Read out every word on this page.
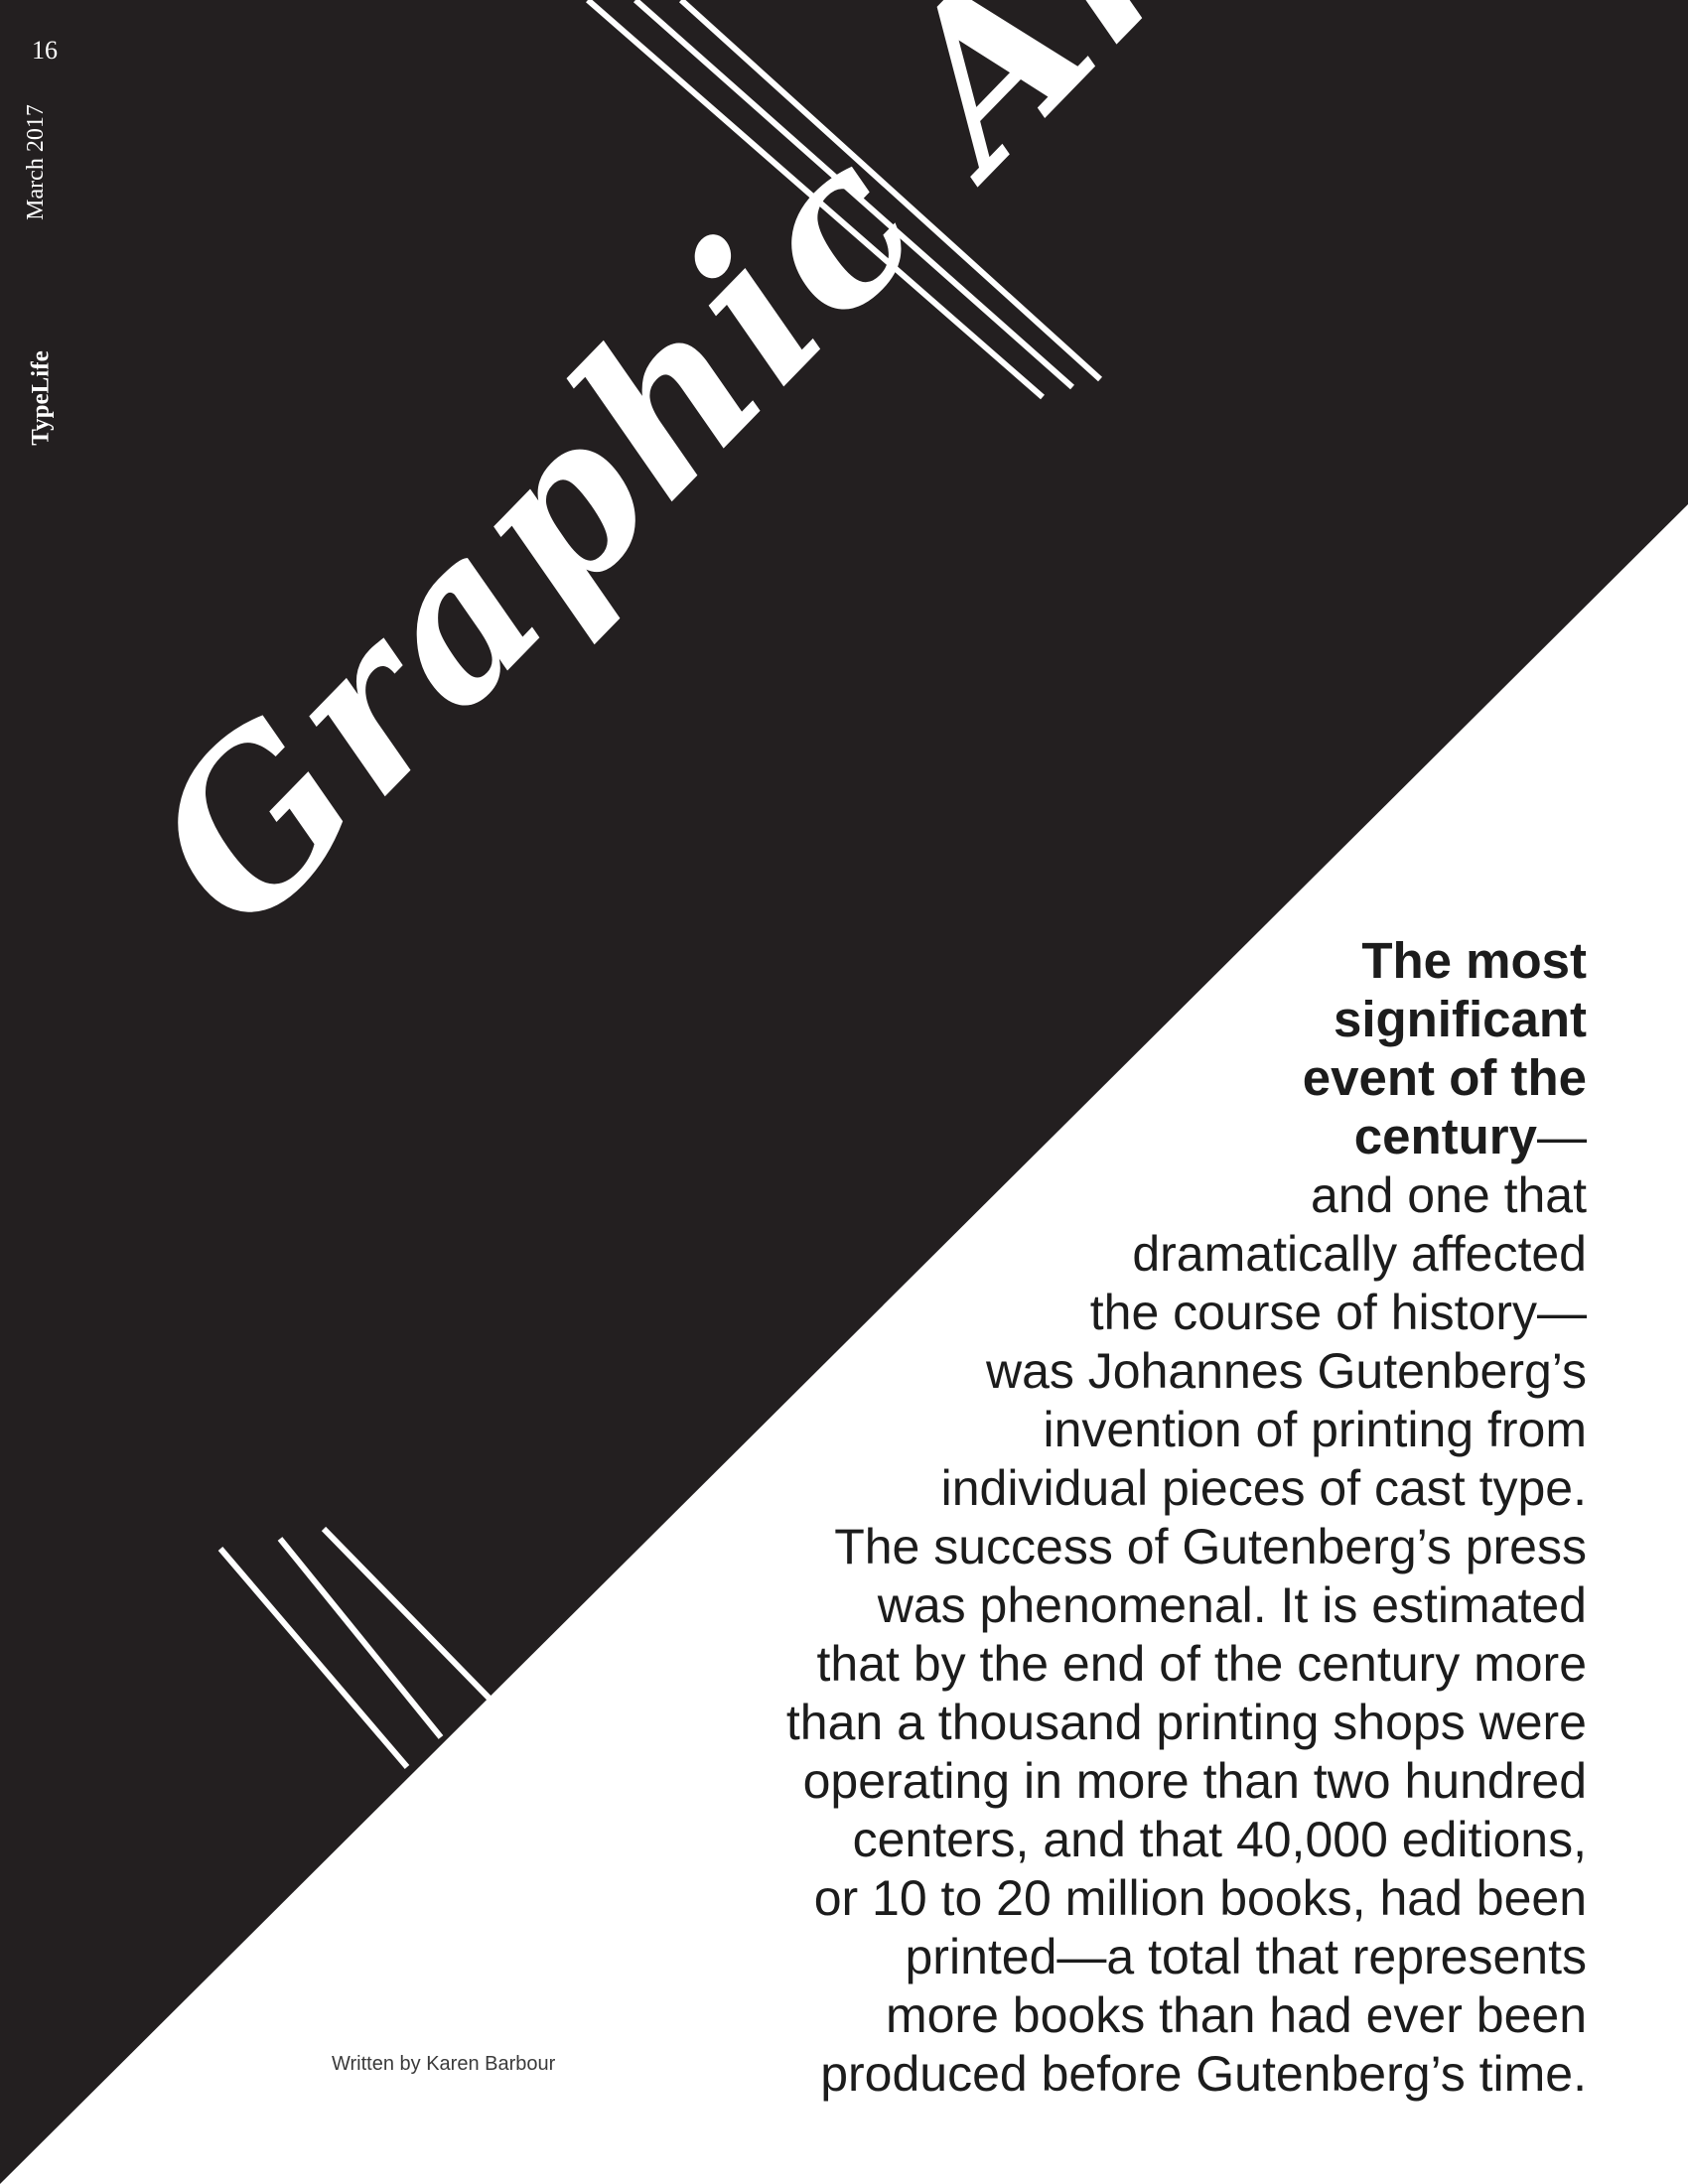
16
March 2017
TypeLife
The most
significant
event of the
century—
and one that
dramatically affected
the course of history—
was Johannes Gutenberg’s
invention of printing from
individual pieces of cast type.
The success of Gutenberg’s press
was phenomenal. It is estimated
that by the end of the century more
than a thousand printing shops were
operating in more than two hundred
centers, and that 40,000 editions,
or 10 to 20 million books, had been
printed—a total that represents
more books than had ever been
produced before Gutenberg’s time.
Written by Karen Barbour
